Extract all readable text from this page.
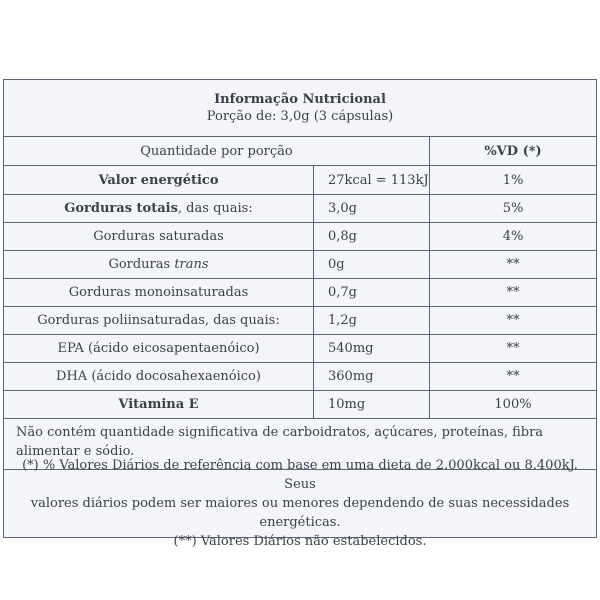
Informação Nutricional
Porção de: 3,0g (3 cápsulas)
Quantidade por porção	%VD (*)
Valor energético	27kcal = 113kJ	1%
Gorduras totais , das quais:	3,0g	5%
Gorduras saturadas	0,8g	4%
Gorduras trans	0g	**
Gorduras monoinsaturadas	0,7g	**
Gorduras poliinsaturadas, das quais:	1,2g	**
EPA (ácido eicosapentaenóico)	540mg	**
DHA (ácido docosahexaenóico)	360mg	**
Vitamina E	10mg	100%
Não contém quantidade significativa de carboidratos, açúcares, proteínas, fibra alimentar e sódio.
(*) % Valores Diários de referência com base em uma dieta de 2.000kcal ou 8.400kJ. Seus
valores diários podem ser maiores ou menores dependendo de suas necessidades energéticas.
(**) Valores Diários não estabelecidos.
